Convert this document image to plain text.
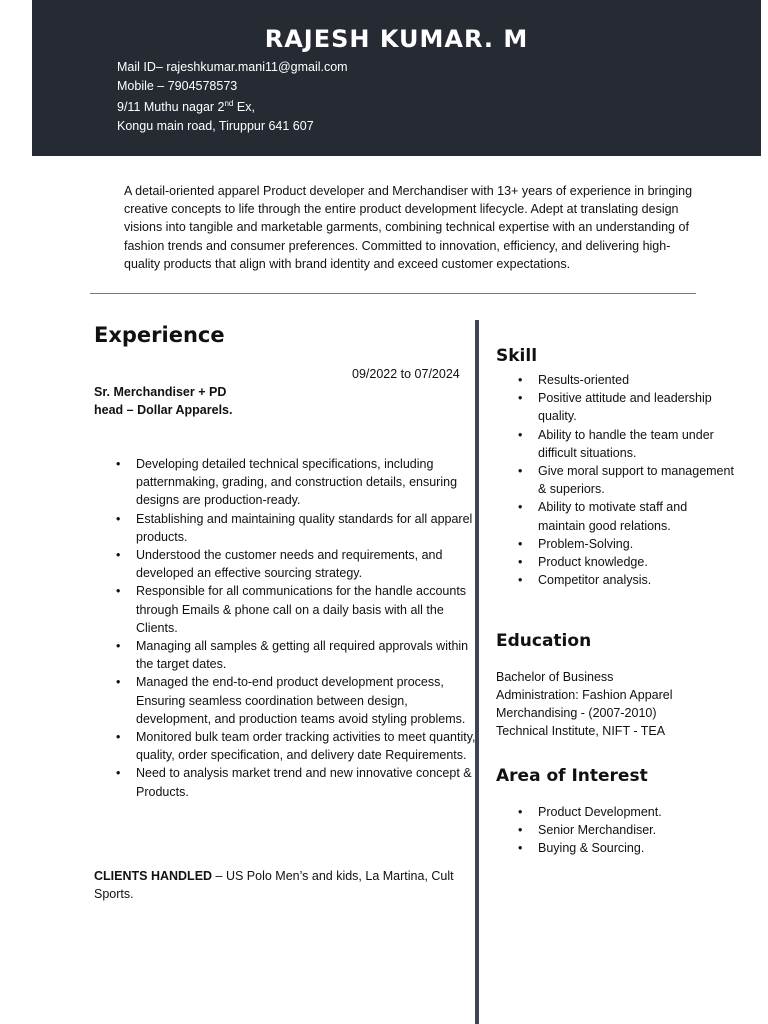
RAJESH KUMAR. M
Mail ID– rajeshkumar.mani11@gmail.com
Mobile – 7904578573
9/11 Muthu nagar 2nd Ex,
Kongu main road, Tiruppur 641 607
A detail-oriented apparel Product developer and Merchandiser with 13+ years of experience in bringing creative concepts to life through the entire product development lifecycle. Adept at translating design visions into tangible and marketable garments, combining technical expertise with an understanding of fashion trends and consumer preferences. Committed to innovation, efficiency, and delivering high-quality products that align with brand identity and exceed customer expectations.
Experience
09/2022 to 07/2024
Sr. Merchandiser + PD head – Dollar Apparels.
• Developing detailed technical specifications, including patternmaking, grading, and construction details, ensuring designs are production-ready.
• Establishing and maintaining quality standards for all apparel products.
• Understood the customer needs and requirements, and developed an effective sourcing strategy.
• Responsible for all communications for the handle accounts through Emails & phone call on a daily basis with all the Clients.
• Managing all samples & getting all required approvals within the target dates.
• Managed the end-to-end product development process, Ensuring seamless coordination between design, development, and production teams avoid styling problems.
• Monitored bulk team order tracking activities to meet quantity, quality, order specification, and delivery date Requirements.
• Need to analysis market trend and new innovative concept & Products.
CLIENTS HANDLED – US Polo Men’s and kids, La Martina, Cult Sports.
Skill
• Results-oriented
• Positive attitude and leadership quality.
• Ability to handle the team under difficult situations.
• Give moral support to management & superiors.
• Ability to motivate staff and maintain good relations.
• Problem-Solving.
• Product knowledge.
• Competitor analysis.
Education
Bachelor of Business Administration: Fashion Apparel Merchandising - (2007-2010) Technical Institute, NIFT - TEA
Area of Interest
• Product Development.
• Senior Merchandiser.
• Buying & Sourcing.
